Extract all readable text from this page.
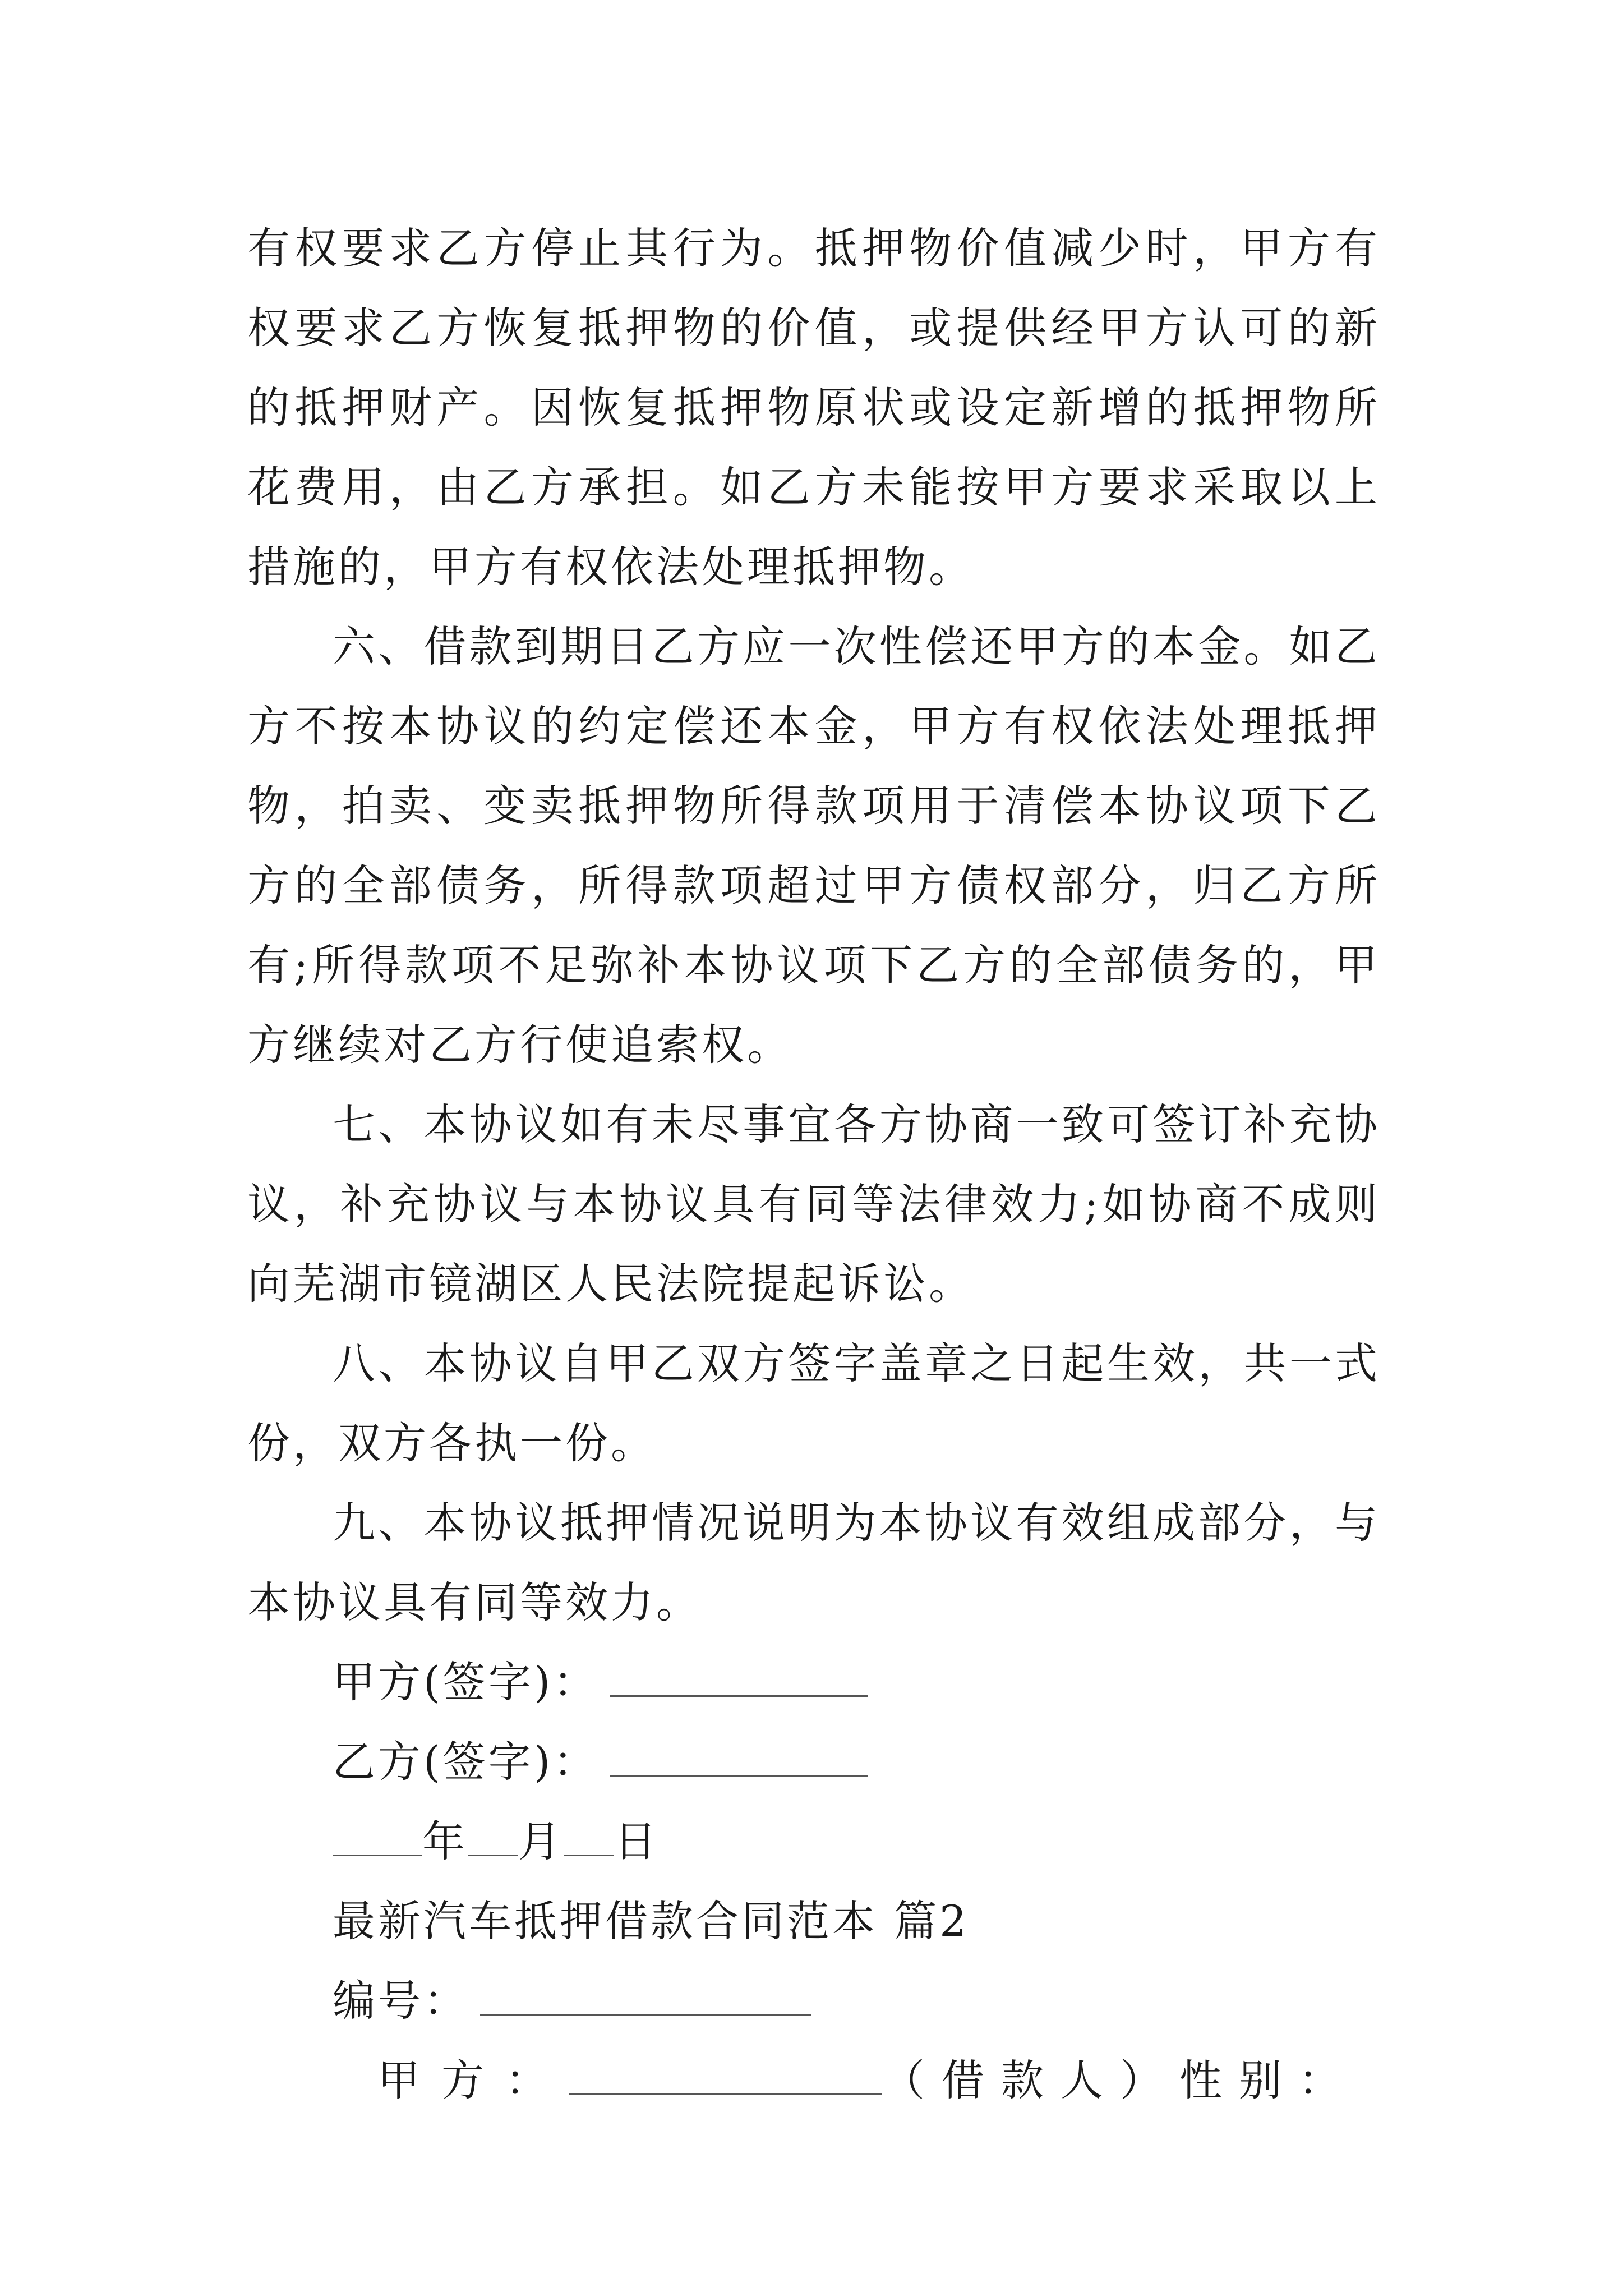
有权要求乙方停止其行为。抵押物价值减少时，甲方有权要求乙方恢复抵押物的价值，或提供经甲方认可的新的抵押财产。因恢复抵押物原状或设定新增的抵押物所花费用，由乙方承担。如乙方未能按甲方要求采取以上措施的，甲方有权依法处理抵押物。

六、借款到期日乙方应一次性偿还甲方的本金。如乙方不按本协议的约定偿还本金，甲方有权依法处理抵押物，拍卖、变卖抵押物所得款项用于清偿本协议项下乙方的全部债务，所得款项超过甲方债权部分，归乙方所有;所得款项不足弥补本协议项下乙方的全部债务的，甲方继续对乙方行使追索权。

七、本协议如有未尽事宜各方协商一致可签订补充协议，补充协议与本协议具有同等法律效力;如协商不成则向芜湖市镜湖区人民法院提起诉讼。

八、本协议自甲乙双方签字盖章之日起生效，共一式份，双方各执一份。

九、本协议抵押情况说明为本协议有效组成部分，与本协议具有同等效力。

甲方(签字)：

乙方(签字)：

年 月 日

最新汽车抵押借款合同范本 篇2

编号：

甲方：	（借款人） 性别：
